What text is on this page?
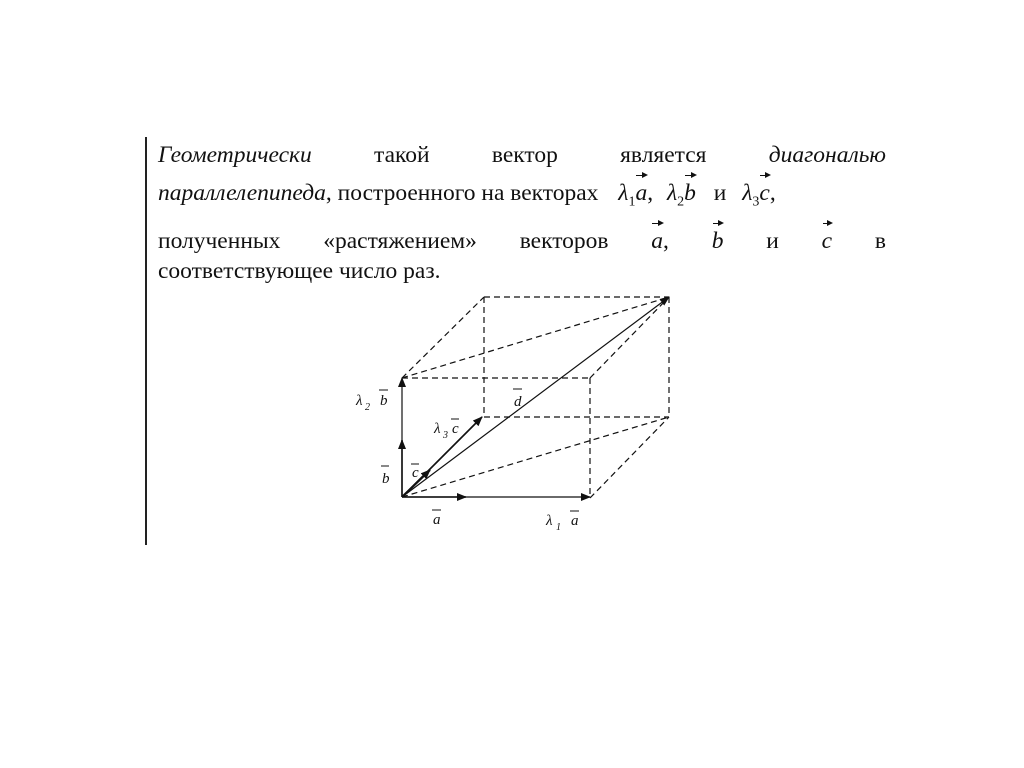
Геометрически	такой	вектор	является	диагональю
параллелепипеда, построенного на векторах $\lambda_1a$, $\lambda_2b$ и $\lambda_3c$,
полученных «растяжением» векторов a, b и c в
соответствующее число раз.
λ 2 b
λ 3 c
d
c
b
a	λ 1 a
